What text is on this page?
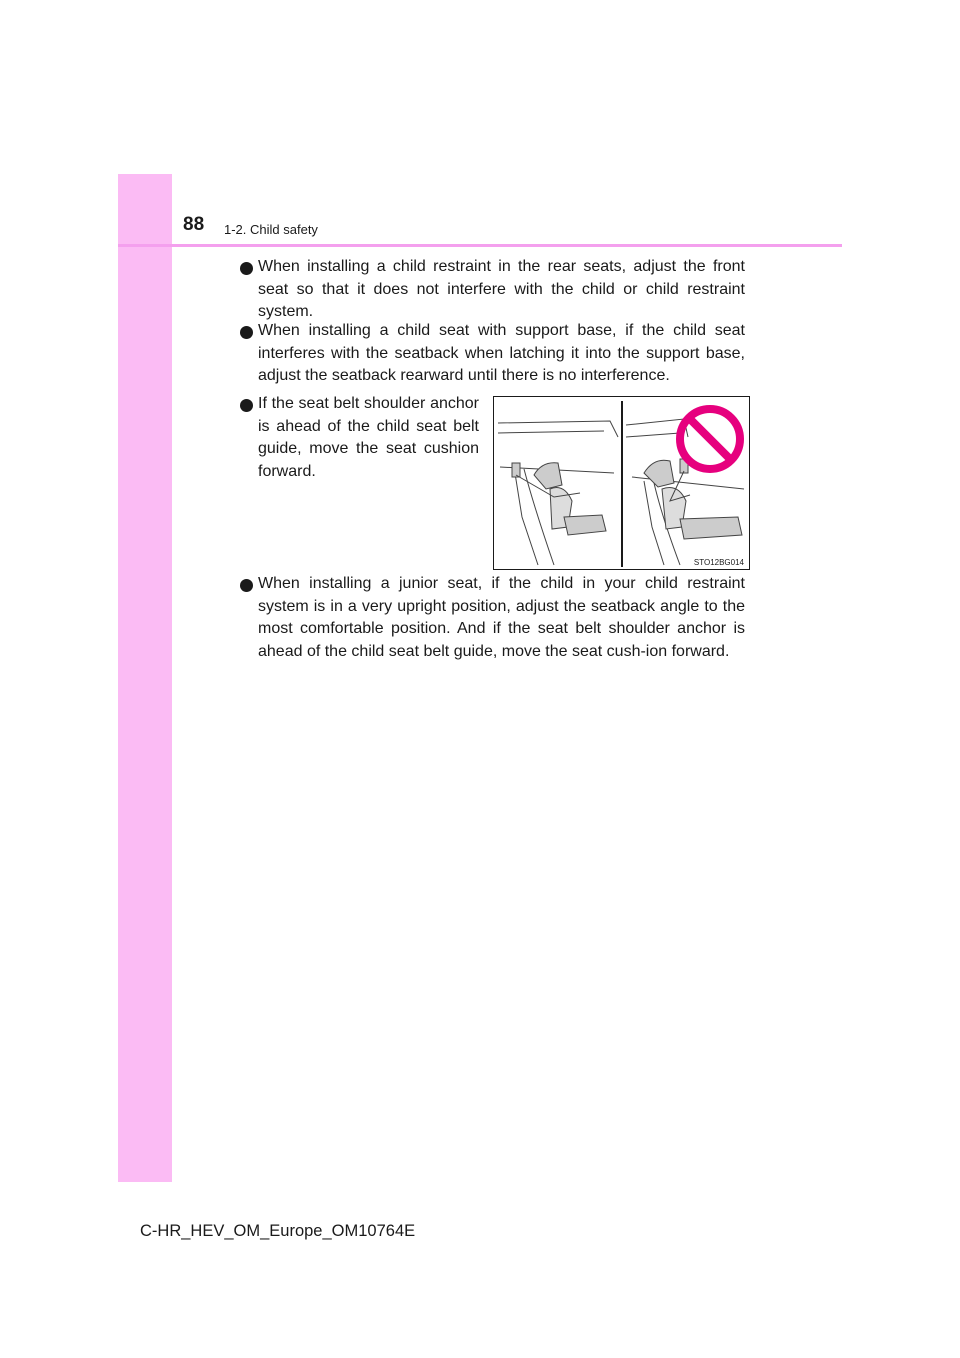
88 1-2. Child safety
When installing a child restraint in the rear seats, adjust the front seat so that it does not interfere with the child or child restraint system.
When installing a child seat with support base, if the child seat interferes with the seatback when latching it into the support base, adjust the seatback rearward until there is no interference.
If the seat belt shoulder anchor is ahead of the child seat belt guide, move the seat cushion forward.
STO12BG014
When installing a junior seat, if the child in your child restraint system is in a very upright position, adjust the seatback angle to the most comfortable position. And if the seat belt shoulder anchor is ahead of the child seat belt guide, move the seat cush-ion forward.
C-HR_HEV_OM_Europe_OM10764E
